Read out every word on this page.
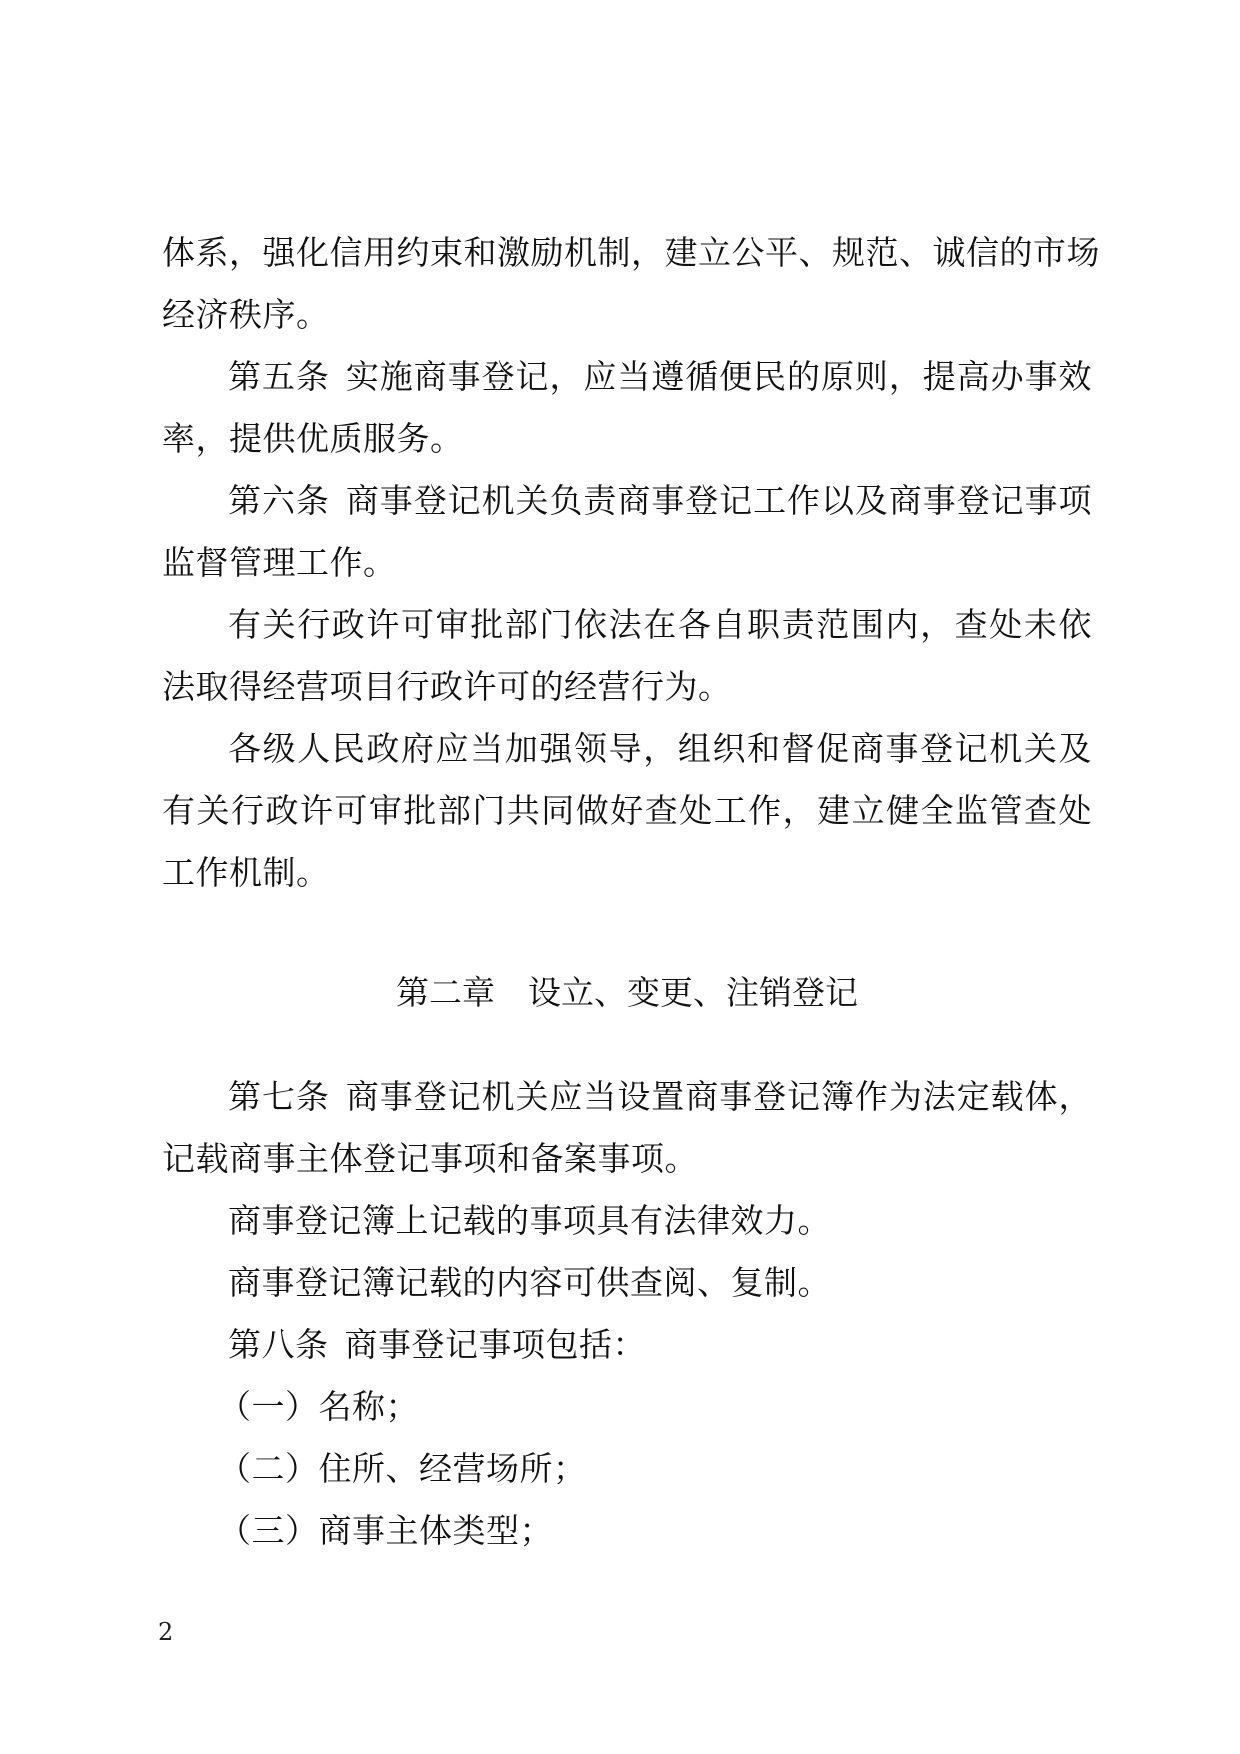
体系，强化信用约束和激励机制，建立公平、规范、诚信的市场
经济秩序。
第五条 实施商事登记，应当遵循便民的原则，提高办事效
率，提供优质服务。
第六条 商事登记机关负责商事登记工作以及商事登记事项
监督管理工作。
有关行政许可审批部门依法在各自职责范围内，查处未依
法取得经营项目行政许可的经营行为。
各级人民政府应当加强领导，组织和督促商事登记机关及
有关行政许可审批部门共同做好查处工作，建立健全监管查处
工作机制。
第二章　设立、变更、注销登记
第七条 商事登记机关应当设置商事登记簿作为法定载体，
记载商事主体登记事项和备案事项。
商事登记簿上记载的事项具有法律效力。
商事登记簿记载的内容可供查阅、复制。
第八条 商事登记事项包括：
（一）名称；
（二）住所、经营场所；
（三）商事主体类型；
2
